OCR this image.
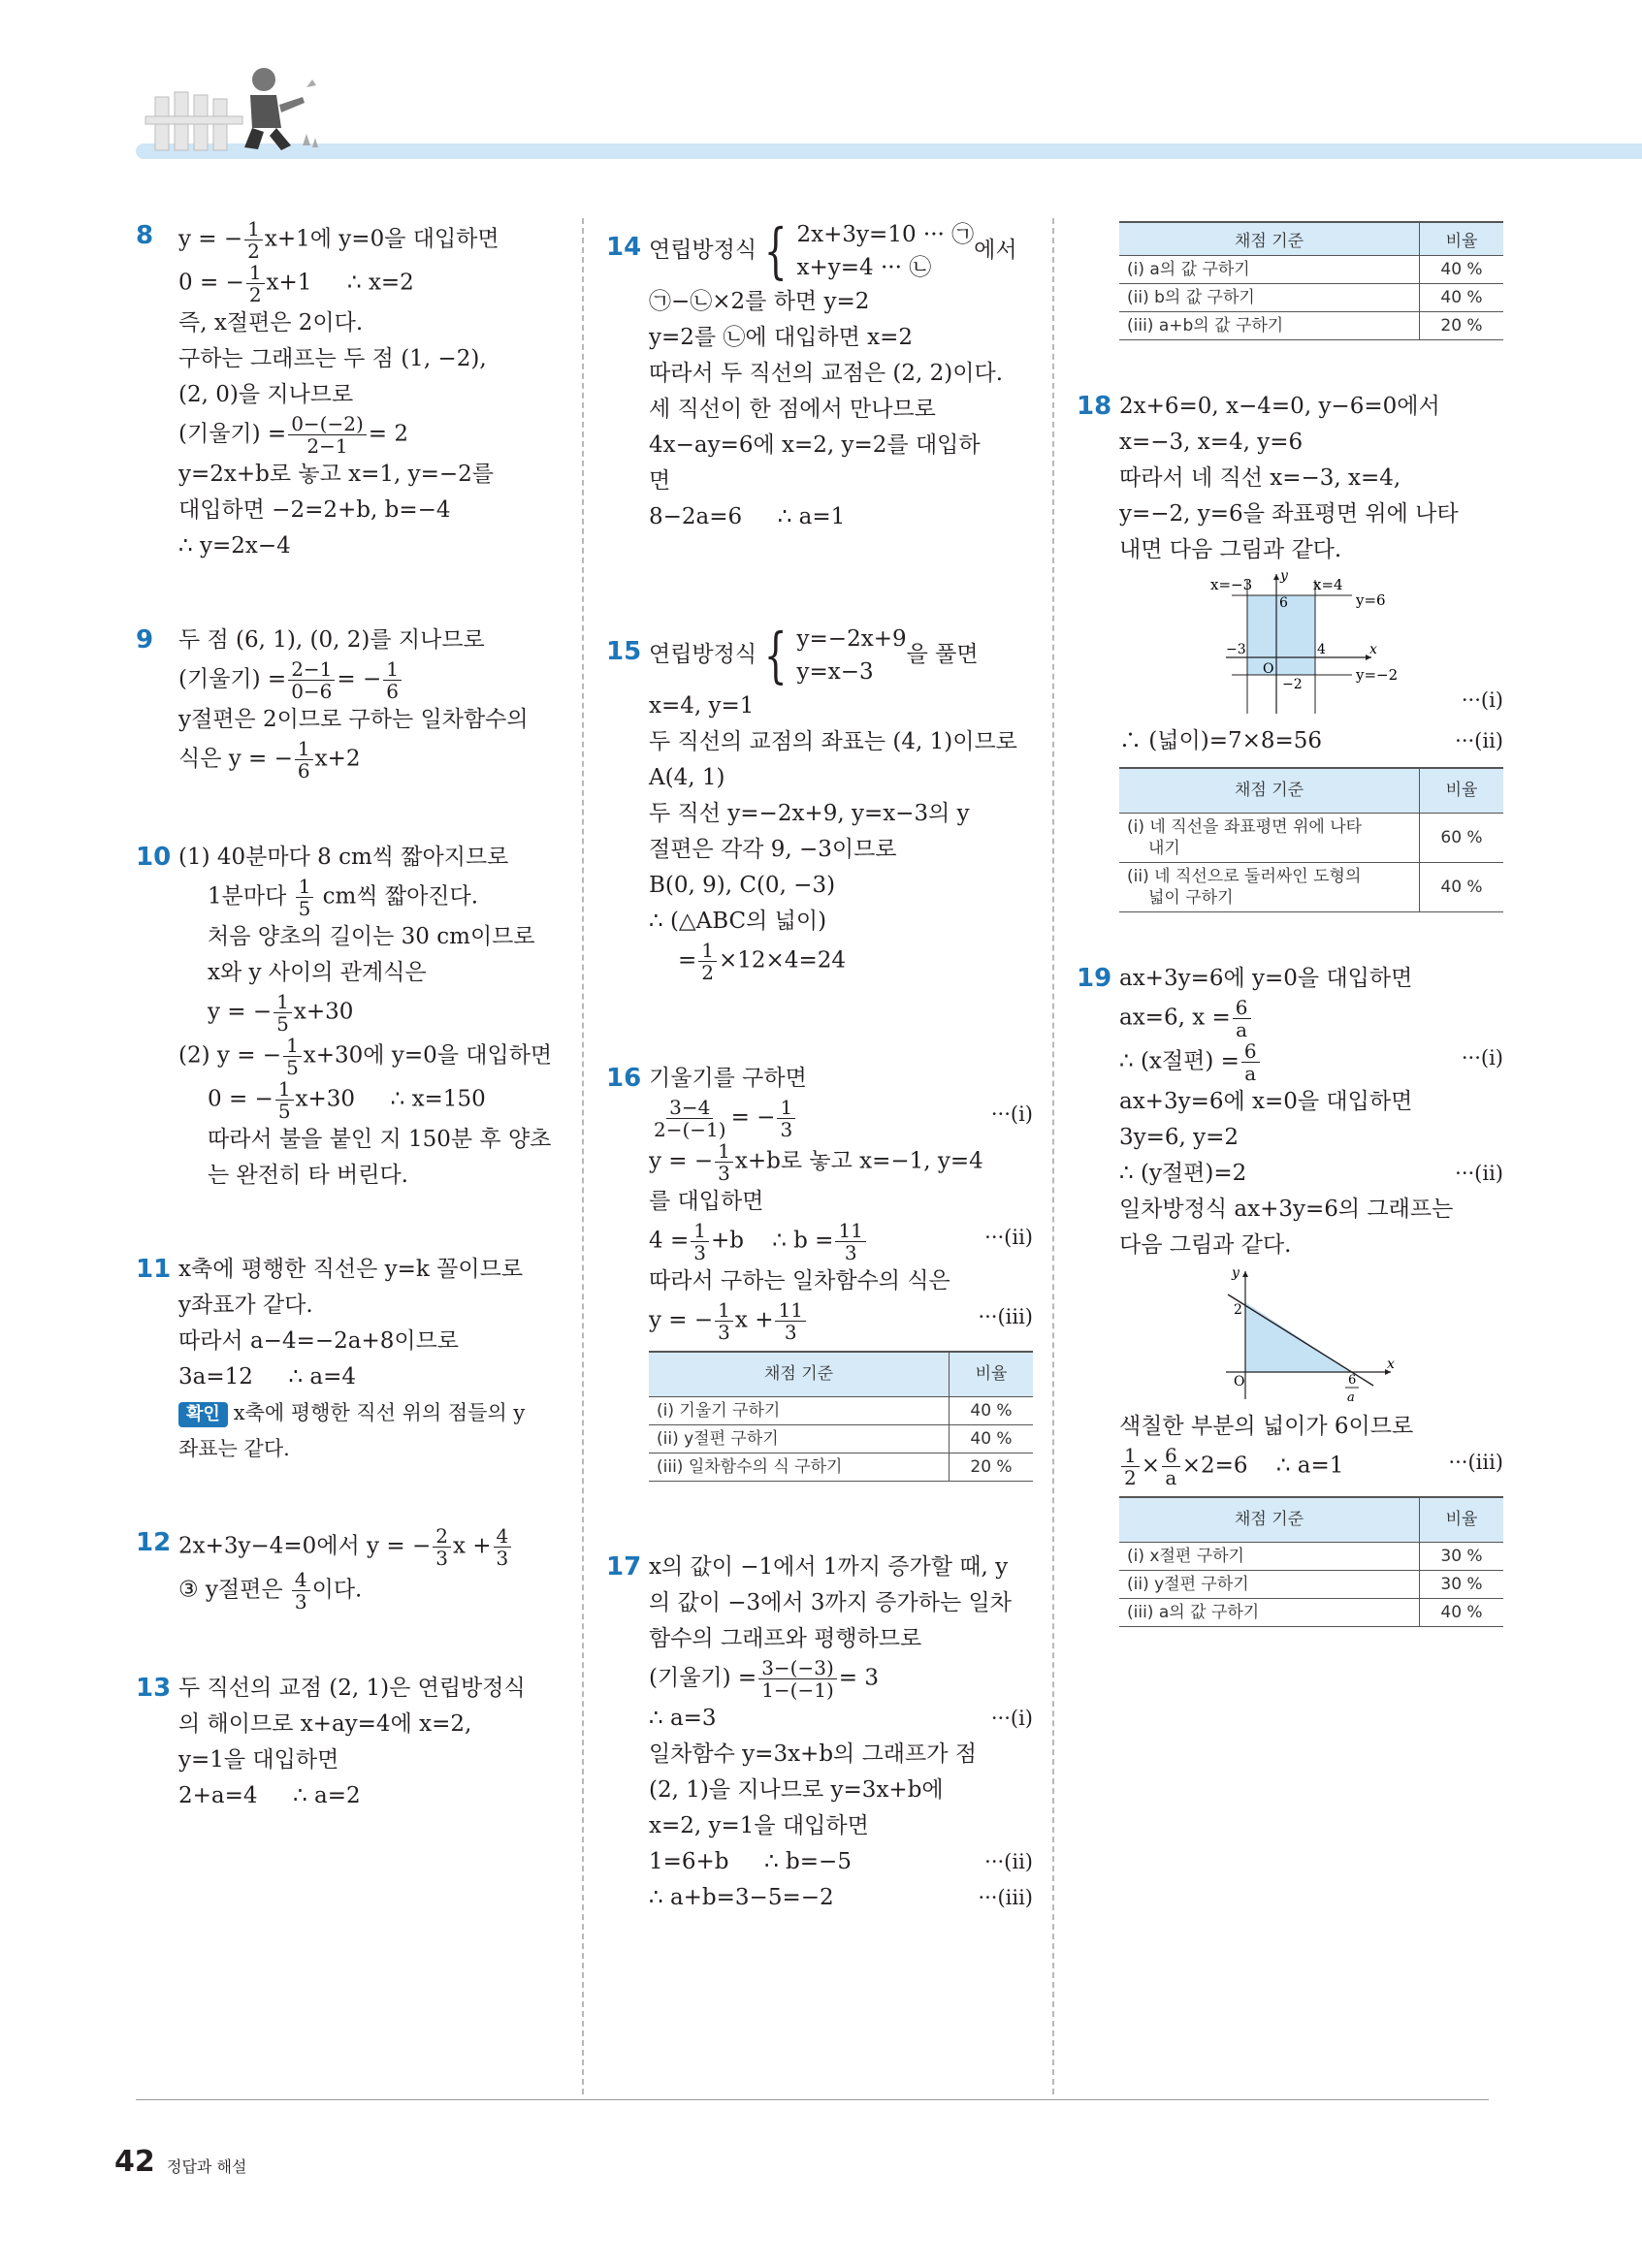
8 y = − $\frac{1}{2} x+1$에 y=0을 대입하면
0 = − $\frac{1}{2} x+1$ ∴ x=2
즉, x절편은 2이다.
구하는 그래프는 두 점 (1, −2),
(2, 0)을 지나므로
(기울기) = $\frac{0-(-2)}{2-1} = 2$
y=2x+b로 놓고 x=1, y=−2를
대입하면 −2=2+b, b=−4
∴ y=2x−4
9 두 점 (6, 1), (0, 2)를 지나므로
(기울기) = $\frac{2-1}{0-6}$ = − $\frac{1}{6}$
y절편은 2이므로 구하는 일차함수의
식은 y = − $\frac{1}{6} x+2$
10 (1) 40분마다 8 cm씩 짧아지므로
1분마다 $\frac{1}{5}$ cm씩 짧아진다.
처음 양초의 길이는 30 cm이므로
x와 y 사이의 관계식은
y = − $\frac{1}{5} x+30$
(2) y = − $\frac{1}{5} x+30$에 y=0을 대입하면
0 = − $\frac{1}{5} x+30$ ∴ x=150
따라서 불을 붙인 지 150분 후 양초
는 완전히 타 버린다.
11 x축에 평행한 직선은 y=k 꼴이므로
y좌표가 같다.
따라서 a−4=−2a+8이므로
3a=12 ∴ a=4
확인 x축에 평행한 직선 위의 점들의 y
좌표는 같다.
12 2x+3y−4=0에서 y = − $\frac{2}{3}$ $x + \frac{4}{3}$
③ y절편은 $\frac{4}{3}$ 이다.
13 두 직선의 교점 (2, 1)은 연립방정식
의 해이므로 x+ay=4에 x=2,
y=1을 대입하면
2+a=4 ∴ a=2
14 연립방정식 { 2x+3y=10 ··· ㉠
x+y=4 ··· ㉡
에서
㉠−㉡×2를 하면 y=2
y=2를 ㉡에 대입하면 x=2
따라서 두 직선의 교점은 (2, 2)이다.
세 직선이 한 점에서 만나므로
4x−ay=6에 x=2, y=2를 대입하
면
8−2a=6 ∴ a=1
15 연립방정식 { y=−2x+9
y=x−3
을 풀면
x=4, y=1
두 직선의 교점의 좌표는 (4, 1)이므로
A(4, 1)
두 직선 y=−2x+9, y=x−3의 y
절편은 각각 9, −3이므로
B(0, 9), C(0, −3)
∴ (△ABC의 넓이)
= $\frac{1}{2} \times 12\times 4=24$
16 기울기를 구하면
$\frac{3-4}{2-(-1)}$ = − $\frac{1}{3}$	···(i)
y = − $\frac{1}{3} x+b$로 놓고 x=−1, y=4
를 대입하면
$4 = \frac{1}{3} +b$ ∴ $b = \frac{11}{3}$	···(ii)
따라서 구하는 일차함수의 식은
y = − $\frac{1}{3}$ $x + \frac{11}{3}$	···(iii)
채점 기준	비율
(i) 기울기 구하기	40 %
(ii) y절편 구하기	40 %
(iii) 일차함수의 식 구하기	20 %
17 x의 값이 −1에서 1까지 증가할 때, y
의 값이 −3에서 3까지 증가하는 일차
함수의 그래프와 평행하므로
(기울기) = $\frac{3-(-3)}{1-(-1)} = 3$
∴ a=3	···(i)
일차함수 y=3x+b의 그래프가 점
(2, 1)을 지나므로 y=3x+b에
x=2, y=1을 대입하면
1=6+b ∴ b=−5	···(ii)
∴ a+b=3−5=−2	···(iii)
채점 기준	비율
(i) a의 값 구하기	40 %
(ii) b의 값 구하기	40 %
(iii) a+b의 값 구하기	20 %
18 2x+6=0, x−4=0, y−6=0에서
x=−3, x=4, y=6
따라서 네 직선 x=−3, x=4,
y=−2, y=6을 좌표평면 위에 나타
내면 다음 그림과 같다.
x=−3	x=4
y=6
y=−2
6
−3	4
−2
O
x
y
···(i)
∴ (넓이)=7×8=56	···(ii)
채점 기준	비율

(i) 네 직선을 좌표평면 위에 나타
내기	60 %

(ii) 네 직선으로 둘러싸인 도형의
넓이 구하기	40 %
19 ax+3y=6에 y=0을 대입하면
ax=6, $x = \frac{6}{a}$
∴ (x절편) = $\frac{6}{a}$	···(i)
ax+3y=6에 x=0을 대입하면
3y=6, y=2
∴ (y절편)=2	···(ii)
일차방정식 ax+3y=6의 그래프는
다음 그림과 같다.
2
O	6
a
x
y
색칠한 부분의 넓이가 6이므로
$\frac{1}{2} \times \frac{6}{a} \times 2=6$ ∴ a=1	···(iii)
채점 기준	비율
(i) x절편 구하기	30 %
(ii) y절편 구하기	30 %
(iii) a의 값 구하기	40 %
42 정답과 해설
